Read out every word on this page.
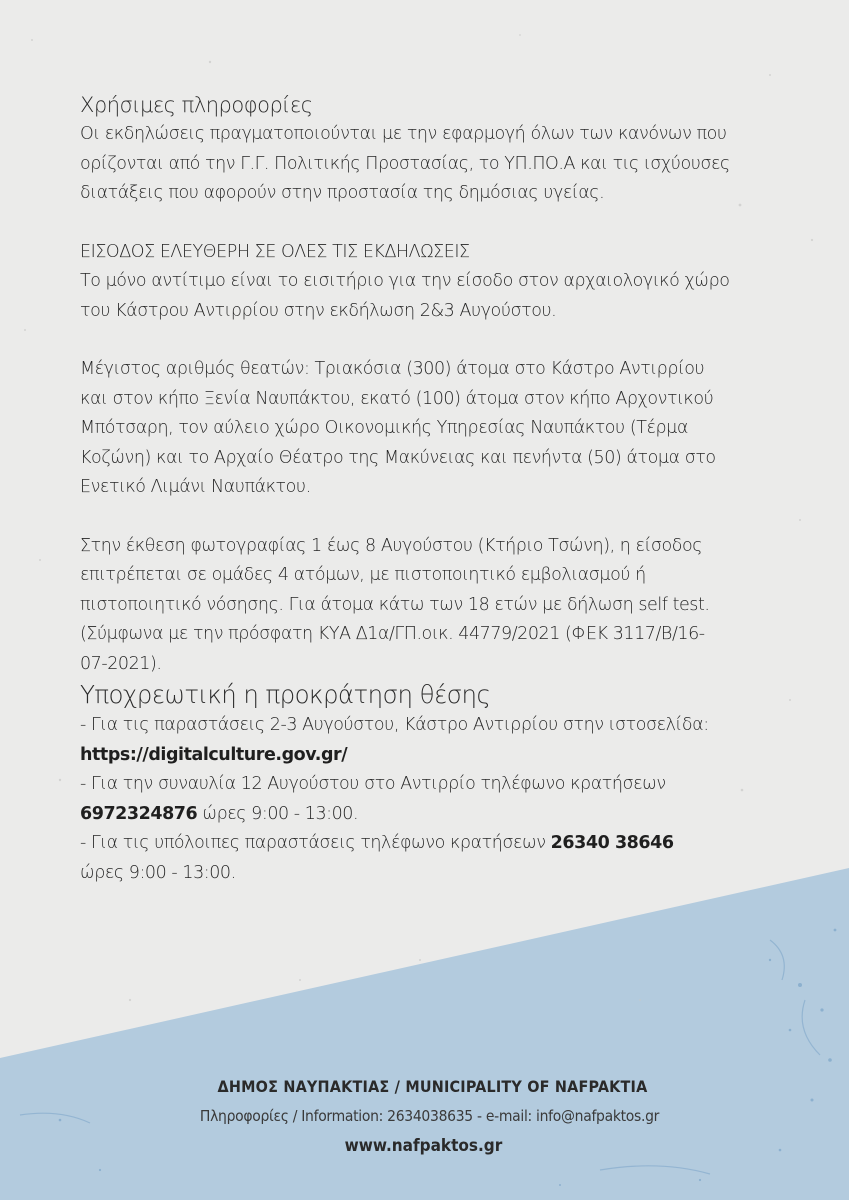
Χρήσιμες πληροφορίες

Οι εκδηλώσεις πραγματοποιούνται με την εφαρμογή όλων των κανόνων που
ορίζονται από την Γ.Γ. Πολιτικής Προστασίας, το ΥΠ.ΠΟ.Α και τις ισχύουσες
διατάξεις που αφορούν στην προστασία της δημόσιας υγείας.

ΕΙΣΟΔΟΣ ΕΛΕΥΘΕΡΗ ΣΕ ΟΛΕΣ ΤΙΣ ΕΚΔΗΛΩΣΕΙΣ

Το μόνο αντίτιμο είναι το εισιτήριο για την είσοδο στον αρχαιολογικό χώρο
του Κάστρου Αντιρρίου στην εκδήλωση 2&3 Αυγούστου.

Μέγιστος αριθμός θεατών: Τριακόσια (300) άτομα στο Κάστρο Αντιρρίου
και στον κήπο Ξενία Ναυπάκτου, εκατό (100) άτομα στον κήπο Αρχοντικού
Μπότσαρη, τον αύλειο χώρο Οικονομικής Υπηρεσίας Ναυπάκτου (Τέρμα
Κοζώνη) και το Αρχαίο Θέατρο της Μακύνειας και πενήντα (50) άτομα στο
Ενετικό Λιμάνι Ναυπάκτου.

Στην έκθεση φωτογραφίας 1 έως 8 Αυγούστου (Κτήριο Τσώνη), η είσοδος
επιτρέπεται σε ομάδες 4 ατόμων, με πιστοποιητικό εμβολιασμού ή
πιστοποιητικό νόσησης. Για άτομα κάτω των 18 ετών με δήλωση self test.
(Σύμφωνα με την πρόσφατη ΚΥΑ Δ1α/ΓΠ.οικ. 44779/2021 (ΦΕΚ 3117/Β/16-
07-2021).

Υποχρεωτική η προκράτηση θέσης

- Για τις παραστάσεις 2-3 Αυγούστου, Κάστρο Αντιρρίου στην ιστοσελίδα:
https://digitalculture.gov.gr/
- Για την συναυλία 12 Αυγούστου στο Αντιρρίο τηλέφωνο κρατήσεων
6972324876 ώρες 9:00 - 13:00.
- Για τις υπόλοιπες παραστάσεις τηλέφωνο κρατήσεων 26340 38646
ώρες 9:00 - 13:00.

ΔΗΜΟΣ ΝΑΥΠΑΚΤΙΑΣ / MUNICIPALITY OF NAFPAKTIA
Πληροφορίες / Information: 2634038635 - e-mail: info@nafpaktos.gr
www.nafpaktos.gr
